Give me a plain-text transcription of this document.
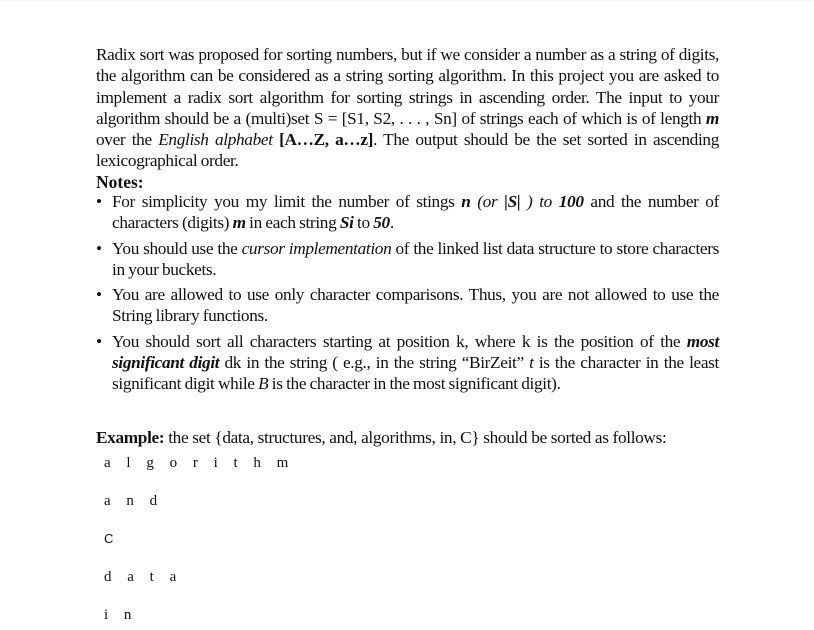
Radix sort was proposed for sorting numbers, but if we consider a number as a string of digits, the algorithm can be considered as a string sorting algorithm. In this project you are asked to implement a radix sort algorithm for sorting strings in ascending order. The input to your algorithm should be a (multi)set S = [S1, S2, . . . , Sn] of strings each of which is of length m over the English alphabet [A…Z, a…z]. The output should be the set sorted in ascending lexicographical order.

Notes:

• For simplicity you my limit the number of stings n (or |S| ) to 100 and the number of characters (digits) m in each string Si to 50.
• You should use the cursor implementation of the linked list data structure to store characters in your buckets.
• You are allowed to use only character comparisons. Thus, you are not allowed to use the String library functions.
• You should sort all characters starting at position k, where k is the position of the most significant digit dk in the string ( e.g., in the string “BirZeit” t is the character in the least significant digit while B is the character in the most significant digit).

Example: the set {data, structures, and, algorithms, in, C} should be sorted as follows:

a l g o r i t h m

a n d

C

d a t a

i n
